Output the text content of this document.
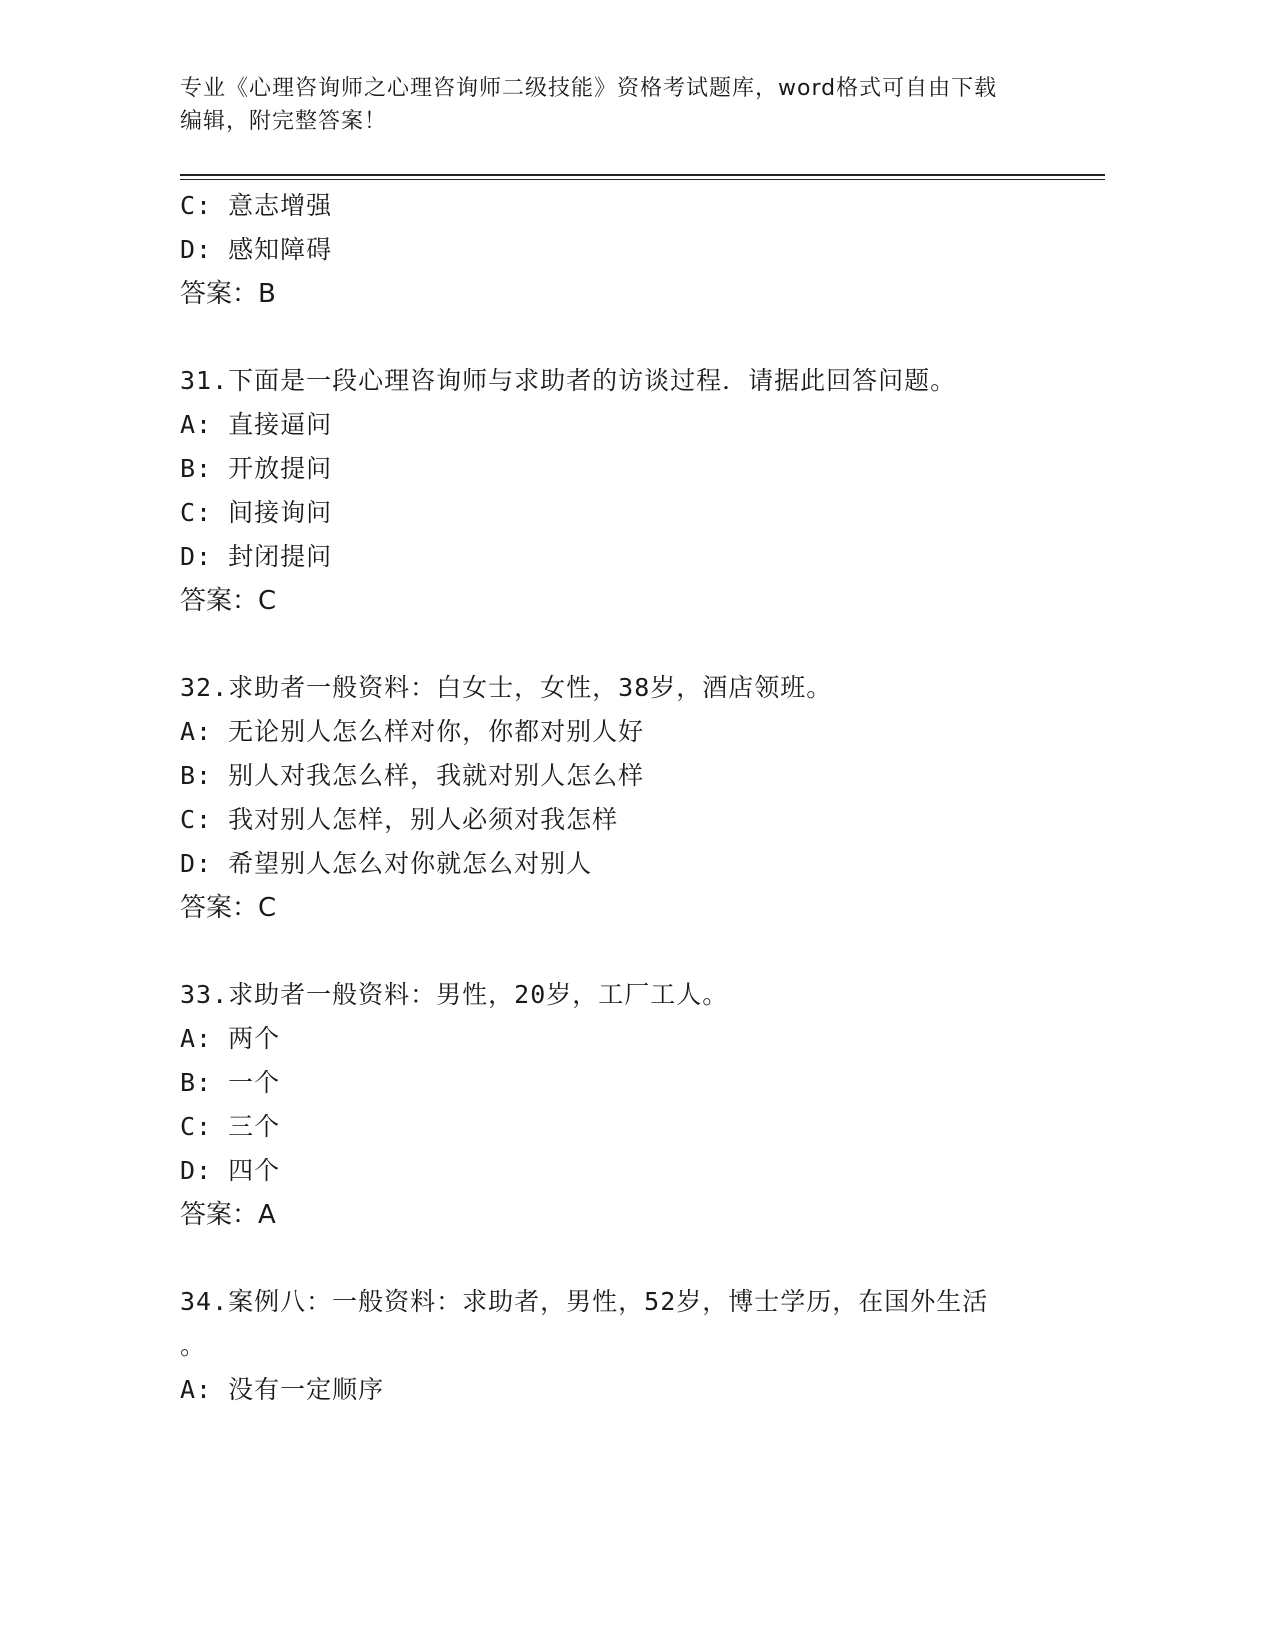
专业《心理咨询师之心理咨询师二级技能》资格考试题库，word格式可自由下载
编辑，附完整答案！
C: 意志增强
D: 感知障碍
答案：B
31.下面是一段心理咨询师与求助者的访谈过程．请据此回答问题。
A: 直接逼问
B: 开放提问
C: 间接询问
D: 封闭提问
答案：C
32.求助者一般资料：白女士，女性，38岁，酒店领班。
A: 无论别人怎么样对你，你都对别人好
B: 别人对我怎么样，我就对别人怎么样
C: 我对别人怎样，别人必须对我怎样
D: 希望别人怎么对你就怎么对别人
答案：C
33.求助者一般资料：男性，20岁，工厂工人。
A: 两个
B: 一个
C: 三个
D: 四个
答案：A
34.案例八：一般资料：求助者，男性，52岁，博士学历，在国外生活
。
A: 没有一定顺序
